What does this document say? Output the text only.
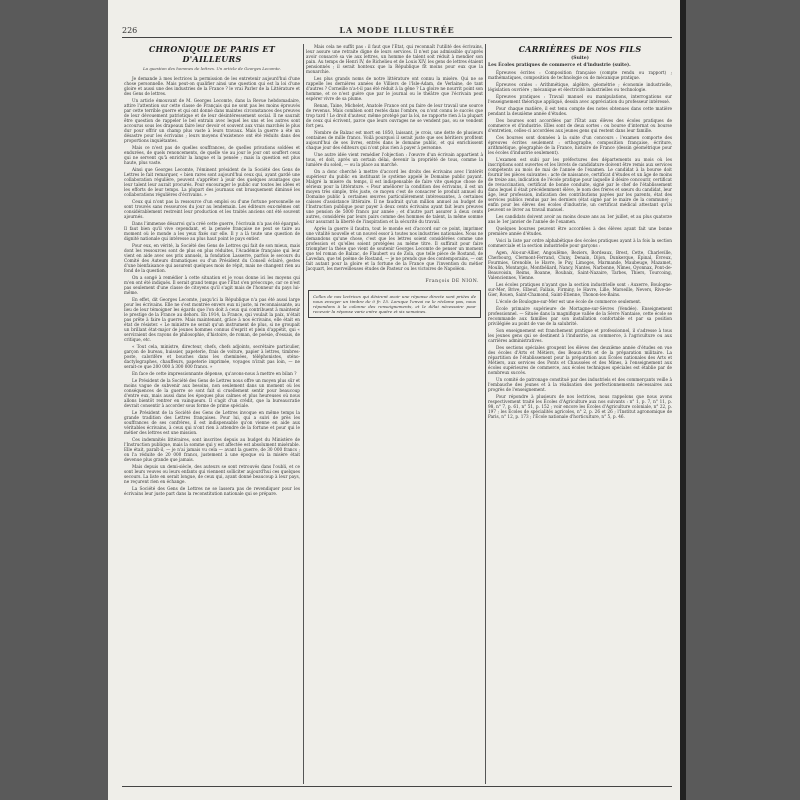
226	LA MODE ILLUSTRÉE
CHRONIQUE DE PARIS ET D'AILLEURS
La question des hommes de lettres. Un article de Georges Lecomte.

Je demande à mes lectrices la permission de les entretenir aujourd'hui d'une chose personnelle. Mais peut-on qualifier ainsi une question qui est la loi d'une gloire et aussi une des industries de la France ? le vrai Parler de la Littérature et des Gens de lettres.

Un article émouvant de M. Georges Lecomte, dans la Revue hebdomadaire, attire l'attention sur cette classe de Français qui ne sont pas les moins éprouvés par cette terrible guerre et qui ont donné dans maintes circonstances des preuves de leur dévouement patriotique et de leur désintéressement social. Il ne saurait être question de rappeler le bel entrain avec lequel les uns et les autres sont accourus sous les drapeaux faire leur devoir et souvent aux vrais marchés le plus dur pour offrir un champ plus vaste à leurs travaux. Mais la guerre a été un désastre pour les écrivains ; leurs moyens d'existence ont été réduits dans des proportions inquiétantes.

Mais ce n'est pas de quelles souffrances, de quelles privations soldées et endurées, de quels renoncements, de quelle vie au jour le jour ont souffert ceux qui ne servent qu'à enrichir la langue et la pensée ; mais la question est plus haute, plus vaste.

Ainsi que Georges Lecomte, l'éminent président de la Société des Gens de Lettres le fait remarquer, « bien rares sont aujourd'hui ceux qui, ayant gardé une collaboration régulière, peuvent s'apprêter à jouir des quelques avantages que leur talent leur aurait procurés. Pour encourager le public sur toutes les idées et les efforts de leur temps. La plupart des journaux ont brusquement diminué les collaborations régulières d'écrivains. »

Ceux qui n'ont pas la ressource d'un emploi ou d'une fortune personnelle se sont trouvés sans ressources du jour au lendemain. Les éditeurs eux-mêmes ont considérablement restreint leur production et les traités anciens ont été souvent ajournés.

Dans l'immense désarroi qu'a créé cette guerre, l'écrivain n'a pas été épargné. Il faut bien qu'il vive cependant, et la pensée française ne peut se taire au moment où le monde a les yeux fixés sur elle. Il y a là toute une question de dignité nationale qui intéresse au plus haut point le pays entier.

Pour eux, en vérité, la Société des Gens de Lettres qui fait de son mieux, mais dont les ressources sont de plus en plus réduites, l'Académie française qui leur vient en aide avec ses prix annuels, la fondation Lasserre, parfois le secours du Comité des Auteurs dramatiques ou d'un Président du Conseil éclairé, gestes d'une bienfaisance qui assurent quelques mois de répit, mais ne changent rien au fond de la question.

On a songé à remédier à cette situation et je vous donne ici les moyens qui m'en ont été indiqués. Il serait grand temps que l'État s'en préoccupe, car ce n'est pas seulement d'une classe de citoyens qu'il s'agit mais de l'honneur du pays lui-même.

En effet, dit Georges Lecomte, jusqu'ici la République n'a pas été aussi large pour les écrivains. Elle ne s'est montrée envers eux ni juste, ni reconnaissante, au lieu de leur témoigner les égards que l'on doit à ceux qui contribuent à maintenir le prestige de la France au dehors. En 1914, la France, qui voulait la paix, n'était pas prête à faire la guerre. Mais maintenant, grâce à nos écrivains, elle était en état de résister. « Le ministre ne serait qu'un instrument de plus, si ne groupait un brillant état-major de jeunes hommes connus d'esprit et plein d'appétit, qui « serviraient des rayons de philosophie, d'histoire, de roman, de poésie, d'essais, de critique, etc.

« Tout cela, ministre, directeur, chefs, chefs adjoints, secrétaire particulier, garçon de bureau, huissier, papeterie, frais de voiture, papier à lettres, timbres-poste, calorifère et bouches dans les cheminées, téléphonistes, sténo-dactylographes, chauffeurs, papeterie imprimée, voyages n'irait pas loin, — ne serait-ce que 200 000 à 300 000 francs. »

En face de cette impressionnante dépense, qu'avons-nous à mettre en bilan ?

Le Président de la Société des Gens de Lettres nous offre un moyen plus sûr et moins vague de subvenir aux besoins, non seulement dans un moment où les conséquences de la guerre se sont fait si cruellement sentir pour beaucoup d'entre eux, mais aussi dans les époques plus calmes et plus heureuses où nous allons bientôt rentrer en vainqueurs. Il s'agit d'un crédit, que la bureaucratie devrait consentir à accorder sous forme de prime spéciale.

Le Président de la Société des Gens de Lettres invoque en même temps la grande tradition des Lettres françaises. Pour lui, qui a suivi de près les souffrances de ses confrères, il est indispensable qu'on vienne en aide aux véritables écrivains, à ceux qui n'ont rien à attendre de la fortune et pour qui le métier des lettres est une mission.

Ces indemnités littéraires, sont inscrites depuis au budget du Ministère de l'Instruction publique, mais la somme qui y est affectée est absolument misérable. Elle était, paraît-il, — je n'ai jamais vu cela — avant la guerre, de 30 000 francs ; on l'a réduite de 20 000 francs, justement à une époque où la misère était devenue plus grande que jamais.

Mais depuis un demi-siècle, des auteurs se sont retrouvés dans l'oubli, et ce sont leurs veuves ou leurs enfants qui viennent solliciter aujourd'hui ces quelques secours. La liste en serait longue, de ceux qui, ayant donné beaucoup à leur pays, ne reçurent rien en échange.

La Société des Gens de Lettres ne se lassera pas de revendiquer pour les écrivains leur juste part dans la reconstitution nationale qui se prépare.

Mais cela ne suffit pas : il faut que l'État, qui reconnaît l'utilité des écrivains, leur assure une retraite digne de leurs services. Il n'est pas admissible qu'après avoir consacré sa vie aux lettres, un homme de talent soit réduit à mendier son pain. Au temps de Henri IV, de Richelieu et de Louis XIV, les gens de lettres étaient pensionnés ; il serait honteux que la République fît moins pour eux que la monarchie.

Les plus grands noms de notre littérature ont connu la misère. Qui ne se rappelle les dernières années de Villiers de l'Isle-Adam, de Verlaine, de tant d'autres ? Corneille n'a-t-il pas été réduit à la gêne ? La gloire ne nourrit point son homme, et ce n'est guère que par le journal ou le théâtre que l'écrivain peut espérer vivre de sa plume.

Renan, Taine, Michelet, Anatole France ont pu faire de leur travail une source de revenus. Mais combien sont restés dans l'ombre, ou n'ont connu le succès que trop tard ! Le droit d'auteur, même protégé par la loi, ne rapporte rien à la plupart de ceux qui écrivent, parce que leurs ouvrages ne se vendent pas, ou se vendent fort peu.

Nombre de Balzac est mort en 1850, laissant, je crois, une dette de plusieurs centaines de mille francs. Voilà pourquoi il serait juste que ses héritiers profitent aujourd'hui de ses livres, entrés dans le domaine public, et qui enrichissent chaque jour des éditeurs qui n'ont plus rien à payer à personne.

Une autre idée vient remédier l'objection : l'œuvre d'un écrivain appartient à tous, et doit, après un certain délai, devenir la propriété de tous, comme la lumière du soleil, — ou la place au marché.

On a donc cherché à mettre d'accord les droits des écrivains avec l'intérêt supérieur du public en instituant le système appelé le Domaine public payant. Malgré la misère du temps, il est indispensable de faire vite quelque chose de sérieux pour la littérature. « Pour améliorer la condition des écrivains, il est un moyen très simple, très juste, ce moyen c'est de consacrer le produit annuel du Domaine public à certaines œuvres particulièrement intéressantes, à certaines caisses d'assistance littéraire. Il ne faudrait qu'un million annuel au budget de l'Instruction publique pour payer à deux cents écrivains ayant fait leurs preuves une pension de 5000 francs par année ; et d'autre part assurer à deux cents autres, considérés par leurs pairs comme des hommes de talent, la même somme leur assurant la liberté de l'inspiration et la sécurité du travail.

Après la guerre il faudra, tout le monde est d'accord sur ce point, imprimer une vitalité nouvelle et un nouvel essor à toutes nos industries nationales. Nous ne demandons qu'une chose, c'est que les lettres soient considérées comme une profession et qu'elles soient protégées au même titre. Il suffirait pour faire triompher la thèse que vient de soutenir Georges Lecomte de penser un moment que tel roman de Balzac, de Flaubert ou de Zola, que telle pièce de Rostand, de Lavedan, que tel poème de Rostand, — je ne prends que des contemporains, — ont fait autant pour la gloire et la fortune de la France que l'invention du métier Jacquart, les merveilleuses études de Pasteur ou les victoires de Napoléon.

François DE NION.
Celles de nos lectrices qui désirent avoir une réponse directe sont priées de nous envoyer un timbre de 0 fr. 15. Lorsque l'envoi ne le réclame pas, nous répondons à la colonne des renseignements, et le délai nécessaire pour recevoir la réponse varie entre quatre et six semaines.
CARRIÈRES DE NOS FILS
(Suite)
Les Écoles pratiques de commerce et d'industrie (suite).

Épreuves écrites : Composition française (compte rendu ou rapport) ; mathématiques, composition de technologie ou de mécanique pratique.

Épreuves orales : Arithmétique, algèbre, géométrie ; économie industrielle, législation ouvrière ; mécanique et électricité industrielles ou technologie.

Épreuves pratiques : Travail manuel ou manipulations, interrogations sur l'enseignement théorique appliqué, dessin avec appréciation du professeur intéressé.

Pour chaque matière, il est tenu compte des notes obtenues dans cette matière pendant la deuxième année d'études.

Des bourses sont accordées par l'État aux élèves des écoles pratiques de commerce et d'industrie. Elles sont de deux sortes : ou bourse d'internat ou bourse d'entretien, celles-ci accordées aux jeunes gens qui restent dans leur famille.

Ces bourses sont données à la suite d'un concours : l'examen comporte des épreuves écrites seulement : orthographe, composition française, écriture, arithmétique, géographie de la France, histoire de France (dessin géométrique pour les écoles d'industrie seulement).

L'examen est subi par les préfectures des départements au mois où les inscriptions sont ouvertes et les livrets de candidature doivent être remis aux services compétents au mois de mai de l'année de l'examen. Le candidat à la bourse doit fournir les pièces suivantes : acte de naissance, certificat d'études et un âge de moins de treize ans, indication de l'école pratique pour laquelle il désire concourir, certificat de revaccination, certificat de bonne conduite, signé par le chef de l'établissement dans lequel il était précédemment élève, le nom des frères et sœurs du candidat, leur âge, leur profession, indication des contributions payées par les parents, état des services publics rendus par les derniers (état signé par le maire de la commune) ; enfin pour les élèves des écoles d'industrie, un certificat médical attestant qu'ils peuvent se livrer au travail manuel.

Les candidats doivent avoir au moins douze ans au 1er juillet, et au plus quatorze ans le 1er janvier de l'année de l'examen.

Quelques bourses peuvent être accordées à des élèves ayant fait une bonne première année d'études.

Voici la liste par ordre alphabétique des écoles pratiques ayant à la fois la section commerciale et la section industrielle pour garçons :

Agen, Aix-sur-Allier, Angoulême, Beziers, Bordeaux, Brest, Cette, Charleville, Cherbourg, Clermont-Ferrand, Cluny, Denain, Dijon, Dunkerque, Épinal, Évreux, Fourmies, Grenoble, le Havre, le Puy, Limoges, Marmande, Maubeuge, Mazamet, Moulin, Montargis, Montbéliard, Nancy, Nantes, Narbonne, Nîmes, Oyonnax, Pont-de-Beauvoisin, Reims, Roanne, Roubaix, Saint-Nazaire, Tarbes, Thiers, Tourcoing, Valenciennes, Vienne.

Les écoles pratiques n'ayant que la section industrielle sont : Auxerre, Boulogne-sur-Mer, Brive, Elbeuf, Fallais, Firminy, le Havre, Lille, Marseille, Nevers, Rive-de-Gier, Rouen, Saint-Chamond, Saint-Étienne, Thonon-les-Bains.

L'école de Boulogne-sur-Mer est une école de commerce seulement.

École primaire supérieure de Mortagne-sur-Sèvres (Vendée). Enseignement professionnel. — Située dans la magnifique vallée de la Sèvre Nantaise, cette école se recommande aux familles par son installation confortable et par sa position privilégiée au point de vue de la salubrité.

Son enseignement est franchement pratique et professionnel, il s'adresse à tous les jeunes gens qui se destinent à l'industrie, au commerce, à l'agriculture ou aux carrières administratives.

Des sections spéciales groupent les élèves des deuxième année d'études en vue des écoles d'Arts et Métiers, des Beaux-Arts et de la préparation militaire. La répartition de l'établissement pour la préparation aux Écoles nationales des Arts et Métiers, aux services des Ponts et Chaussées et des Mines, à l'enseignement aux écoles supérieures de commerce, aux écoles techniques spéciales est établie par de nombreux succès.

Un comité de patronage constitué par des industriels et des commerçants veille à l'embauche des jeunes et à la réalisation des perfectionnements nécessaires aux progrès de l'enseignement.

Pour répondre à plusieurs de nos lectrices, nous rappelons que nous avons respectivement traité les Écoles d'Agriculture aux nos suivants : n° 1, p. 7, n° 11, p. 98, n° 7, p. 61, n° 51, p. 152 ; voir encore les Écoles d'Agriculture coloniale, n° 22, p. 197 ; les Écoles de spécialités agricoles, n° 2, p. 26 et 26 ; l'Institut agronomique de Paris, n° 12, p. 173 ; l'École nationale d'horticulture, n° 5, p. 46.
